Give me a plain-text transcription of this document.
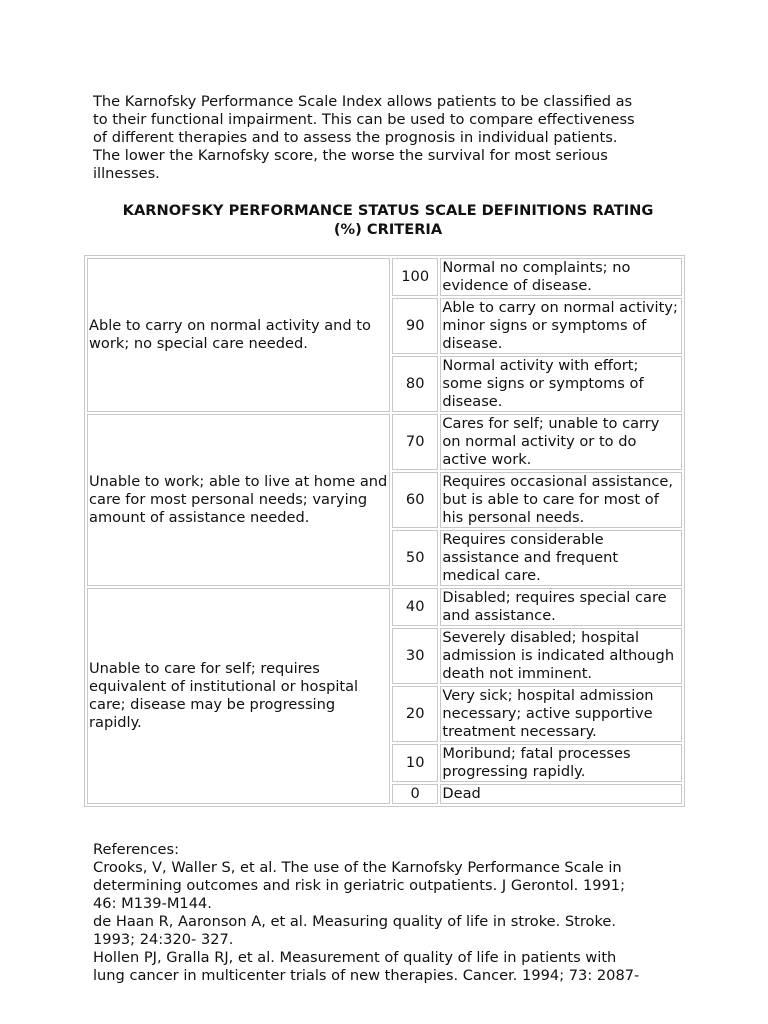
The Karnofsky Performance Scale Index allows patients to be classified as
to their functional impairment. This can be used to compare effectiveness
of different therapies and to assess the prognosis in individual patients.
The lower the Karnofsky score, the worse the survival for most serious
illnesses.
KARNOFSKY PERFORMANCE STATUS SCALE DEFINITIONS RATING
(%) CRITERIA
Able to carry on normal activity and to work; no special care needed.	100	Normal no complaints; no evidence of disease.
	90	Able to carry on normal activity; minor signs or symptoms of disease.
	80	Normal activity with effort; some signs or symptoms of disease.
Unable to work; able to live at home and care for most personal needs; varying amount of assistance needed.	70	Cares for self; unable to carry on normal activity or to do active work.
	60	Requires occasional assistance, but is able to care for most of his personal needs.
	50	Requires considerable assistance and frequent medical care.
Unable to care for self; requires equivalent of institutional or hospital care; disease may be progressing rapidly.	40	Disabled; requires special care and assistance.
	30	Severely disabled; hospital admission is indicated although death not imminent.
	20	Very sick; hospital admission necessary; active supportive treatment necessary.
	10	Moribund; fatal processes progressing rapidly.
	0	Dead
References:
Crooks, V, Waller S, et al. The use of the Karnofsky Performance Scale in
determining outcomes and risk in geriatric outpatients. J Gerontol. 1991;
46: M139-M144.
de Haan R, Aaronson A, et al. Measuring quality of life in stroke. Stroke.
1993; 24:320- 327.
Hollen PJ, Gralla RJ, et al. Measurement of quality of life in patients with
lung cancer in multicenter trials of new therapies. Cancer. 1994; 73: 2087-
